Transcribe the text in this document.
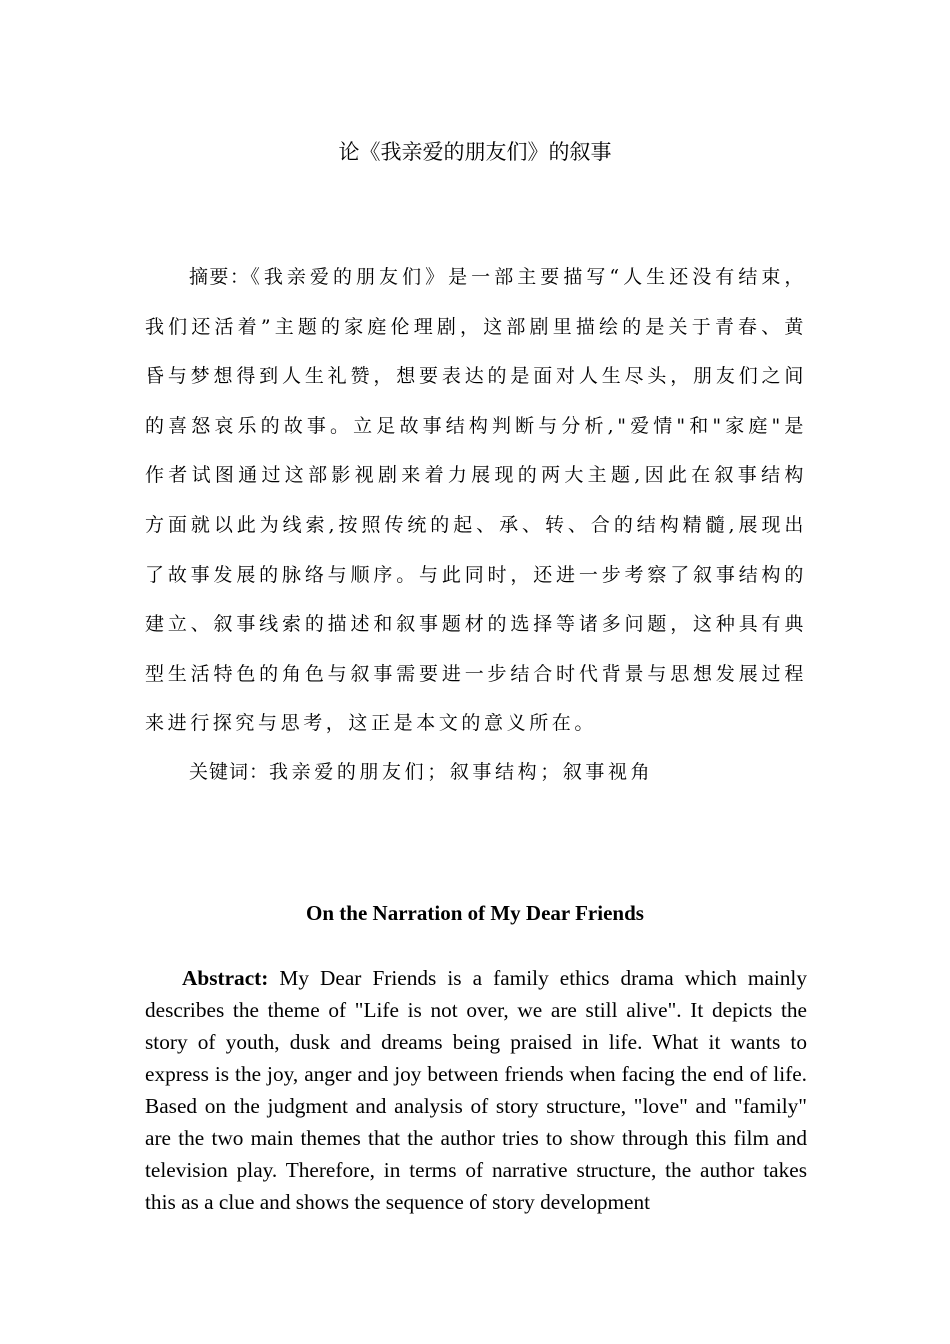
论《我亲爱的朋友们》的叙事

摘要：《我亲爱的朋友们》是一部主要描写“人生还没有结束，我们还活着”主题的家庭伦理剧，这部剧里描绘的是关于青春、黄昏与梦想得到人生礼赞，想要表达的是面对人生尽头，朋友们之间的喜怒哀乐的故事。立足故事结构判断与分析,"爱情"和"家庭"是作者试图通过这部影视剧来着力展现的两大主题,因此在叙事结构方面就以此为线索,按照传统的起、承、转、合的结构精髓,展现出了故事发展的脉络与顺序。与此同时，还进一步考察了叙事结构的建立、叙事线索的描述和叙事题材的选择等诸多问题，这种具有典型生活特色的角色与叙事需要进一步结合时代背景与思想发展过程来进行探究与思考，这正是本文的意义所在。

关键词：我亲爱的朋友们；叙事结构；叙事视角

On the Narration of My Dear Friends

Abstract: My Dear Friends is a family ethics drama which mainly describes the theme of "Life is not over, we are still alive". It depicts the story of youth, dusk and dreams being praised in life. What it wants to express is the joy, anger and joy between friends when facing the end of life. Based on the judgment and analysis of story structure, "love" and "family" are the two main themes that the author tries to show through this film and television play. Therefore, in terms of narrative structure, the author takes this as a clue and shows the sequence of story development
